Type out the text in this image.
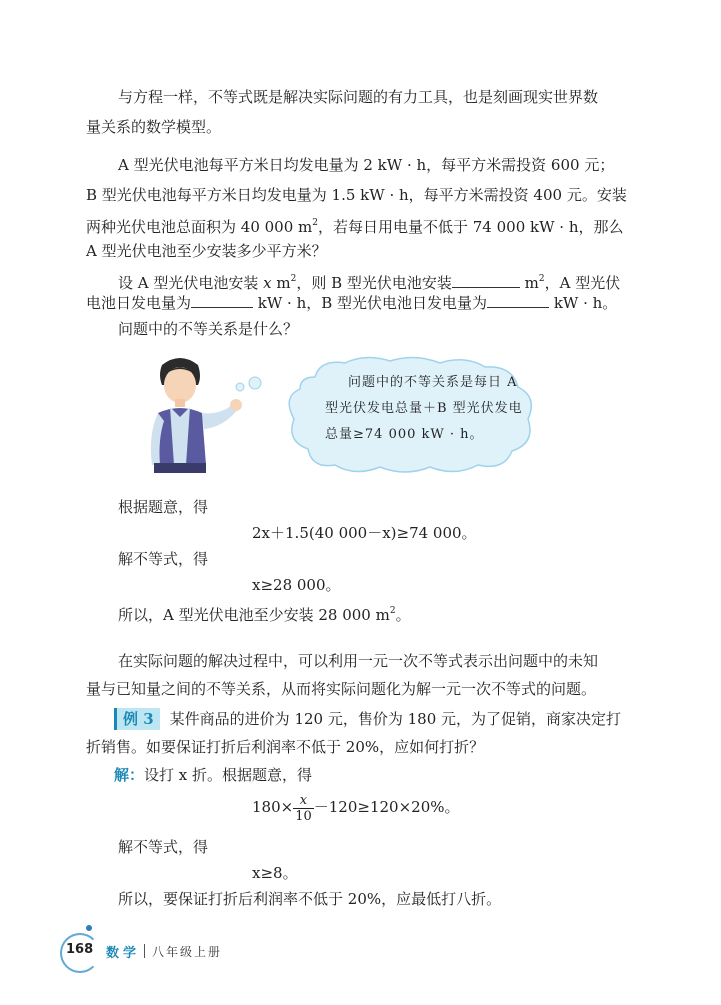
与方程一样，不等式既是解决实际问题的有力工具，也是刻画现实世界数
量关系的数学模型。
A 型光伏电池每平方米日均发电量为 2 kW · h，每平方米需投资 600 元；
B 型光伏电池每平方米日均发电量为 1.5 kW · h，每平方米需投资 400 元。安装
两种光伏电池总面积为 40 000 $m^2$，若每日用电量不低于 74 000 kW · h，那么
A 型光伏电池至少安装多少平方米？
设 A 型光伏电池安装 x $m^2$，则 B 型光伏电池安装	$m^2$，A 型光伏
电池日发电量为	kW · h，B 型光伏电池日发电量为	kW · h。
问题中的不等关系是什么？
问题中的不等关系是每日 A
型光伏发电总量＋B 型光伏发电
总量≥74 000 kW · h。
根据题意，得
2x＋1.5(40 000－x)≥74 000。
解不等式，得
x≥28 000。
所以，A 型光伏电池至少安装 28 000 $m^2$。
在实际问题的解决过程中，可以利用一元一次不等式表示出问题中的未知
量与已知量之间的不等关系，从而将实际问题化为解一元一次不等式的问题。
例 3 某件商品的进价为 120 元，售价为 180 元，为了促销，商家决定打
折销售。如要保证打折后利润率不低于 20%，应如何打折？
解：设打 x 折。根据题意，得
$180\times \frac{x}{10} -120\ge 120\times 20\%$。
解不等式，得
x≥8。
所以，要保证打折后利润率不低于 20%，应最低打八折。
168 数学 八年级上册
